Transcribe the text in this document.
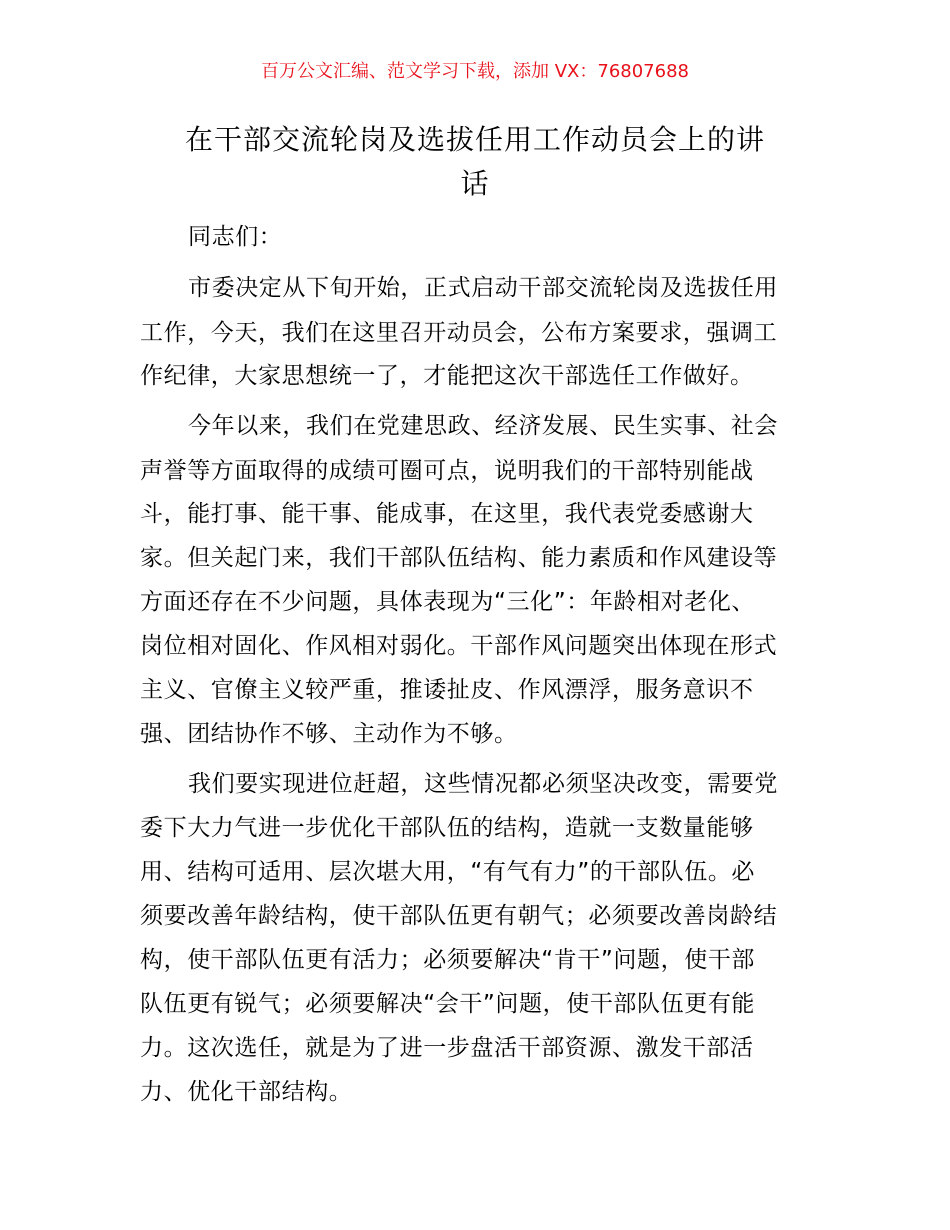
百万公文汇编、范文学习下载，添加 VX：76807688
在干部交流轮岗及选拔任用工作动员会上的讲
话
同志们：
市委决定从下旬开始，正式启动干部交流轮岗及选拔任用
工作，今天，我们在这里召开动员会，公布方案要求，强调工
作纪律，大家思想统一了，才能把这次干部选任工作做好。
今年以来，我们在党建思政、经济发展、民生实事、社会
声誉等方面取得的成绩可圈可点，说明我们的干部特别能战
斗，能打事、能干事、能成事，在这里，我代表党委感谢大
家。但关起门来，我们干部队伍结构、能力素质和作风建设等
方面还存在不少问题，具体表现为“三化”：年龄相对老化、
岗位相对固化、作风相对弱化。干部作风问题突出体现在形式
主义、官僚主义较严重，推诿扯皮、作风漂浮，服务意识不
强、团结协作不够、主动作为不够。
我们要实现进位赶超，这些情况都必须坚决改变，需要党
委下大力气进一步优化干部队伍的结构，造就一支数量能够
用、结构可适用、层次堪大用，“有气有力”的干部队伍。必
须要改善年龄结构，使干部队伍更有朝气；必须要改善岗龄结
构，使干部队伍更有活力；必须要解决“肯干”问题，使干部
队伍更有锐气；必须要解决“会干”问题，使干部队伍更有能
力。这次选任，就是为了进一步盘活干部资源、激发干部活
力、优化干部结构。
